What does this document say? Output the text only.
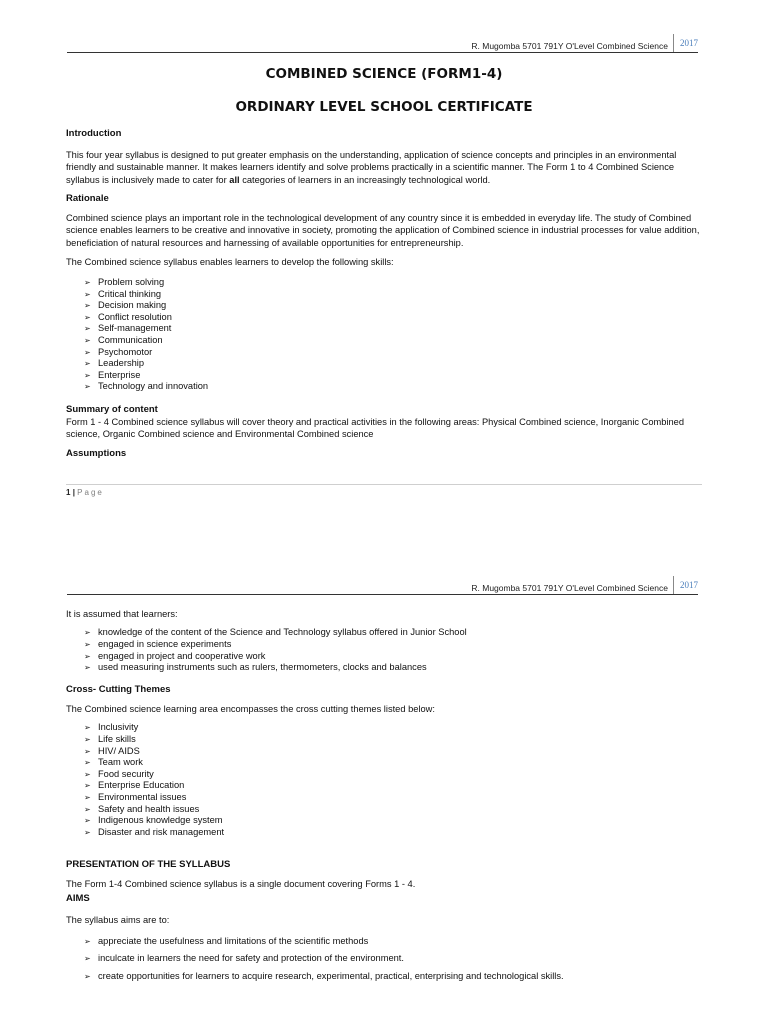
R. Mugomba 5701 791Y O'Level Combined Science	2017
COMBINED SCIENCE (FORM1-4)
ORDINARY LEVEL SCHOOL CERTIFICATE

Introduction

This four year syllabus is designed to put greater emphasis on the understanding, application of science concepts and principles in an environmental friendly and sustainable manner. It makes learners identify and solve problems practically in a scientific manner. The Form 1 to 4 Combined Science syllabus is inclusively made to cater for all categories of learners in an increasingly technological world.

Rationale

Combined science plays an important role in the technological development of any country since it is embedded in everyday life. The study of Combined science enables learners to be creative and innovative in society, promoting the application of Combined science in industrial processes for value addition, beneficiation of natural resources and harnessing of available opportunities for entrepreneurship.

The Combined science syllabus enables learners to develop the following skills:

➢ Problem solving
➢ Critical thinking
➢ Decision making
➢ Conflict resolution
➢ Self-management
➢ Communication
➢ Psychomotor
➢ Leadership
➢ Enterprise
➢ Technology and innovation

Summary of content

Form 1 - 4 Combined science syllabus will cover theory and practical activities in the following areas: Physical Combined science, Inorganic Combined science, Organic Combined science and Environmental Combined science

Assumptions

1 | Page
R. Mugomba 5701 791Y O'Level Combined Science	2017

It is assumed that learners:

➢ knowledge of the content of the Science and Technology syllabus offered in Junior School
➢ engaged in science experiments
➢ engaged in project and cooperative work
➢ used measuring instruments such as rulers, thermometers, clocks and balances

Cross- Cutting Themes

The Combined science learning area encompasses the cross cutting themes listed below:

➢ Inclusivity
➢ Life skills
➢ HIV/ AIDS
➢ Team work
➢ Food security
➢ Enterprise Education
➢ Environmental issues
➢ Safety and health issues
➢ Indigenous knowledge system
➢ Disaster and risk management

PRESENTATION OF THE SYLLABUS

The Form 1-4 Combined science syllabus is a single document covering Forms 1 - 4.

AIMS

The syllabus aims are to:

➢ appreciate the usefulness and limitations of the scientific methods
➢ inculcate in learners the need for safety and protection of the environment.
➢ create opportunities for learners to acquire research, experimental, practical, enterprising and technological skills.
